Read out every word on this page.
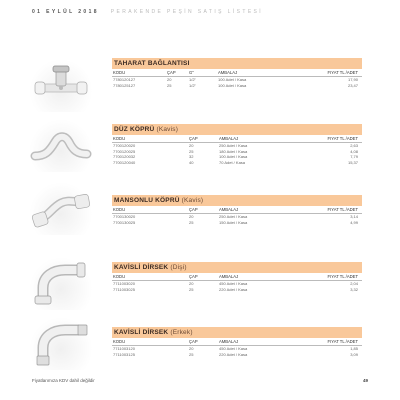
01 EYLÜL 2018 PERAKENDE PEŞİN SATIŞ LİSTESİ
TAHARAT BAĞLANTISI
KODU	ÇAP	G"	AMBALAJ	FIYAT TL /ADET
7780120127	20	1/2"	100 Adet / Kasa	17,90
7780125127	25	1/2"	100 Adet / Kasa	23,47
DÜZ KÖPRÜ (Kavis)
KODU	ÇAP	AMBALAJ	FIYAT TL /ADET
7700120020	20	250 Adet / Kasa	2,63
7700120025	25	180 Adet / Kasa	4,08
7700120032	32	100 Adet / Kasa	7,79
7700120040	40	70 Adet / Kasa	15,37
MANSONLU KÖPRÜ (Kavis)
KODU	ÇAP	AMBALAJ	FIYAT TL /ADET
7700130020	20	250 Adet / Kasa	3,14
7700130025	25	150 Adet / Kasa	4,99
KAVİSLİ DİRSEK (Dişi)
KODU	ÇAP	AMBALAJ	FIYAT TL /ADET
7711003020	20	450 Adet / Kasa	2,04
7711003025	25	220 Adet / Kasa	3,32
KAVİSLİ DİRSEK (Erkek)
KODU	ÇAP	AMBALAJ	FIYAT TL /ADET
7711003120	20	450 Adet / Kasa	1,85
7711003125	25	220 Adet / Kasa	3,09
Fiyatlarımıza KDV dahil değildir	49
